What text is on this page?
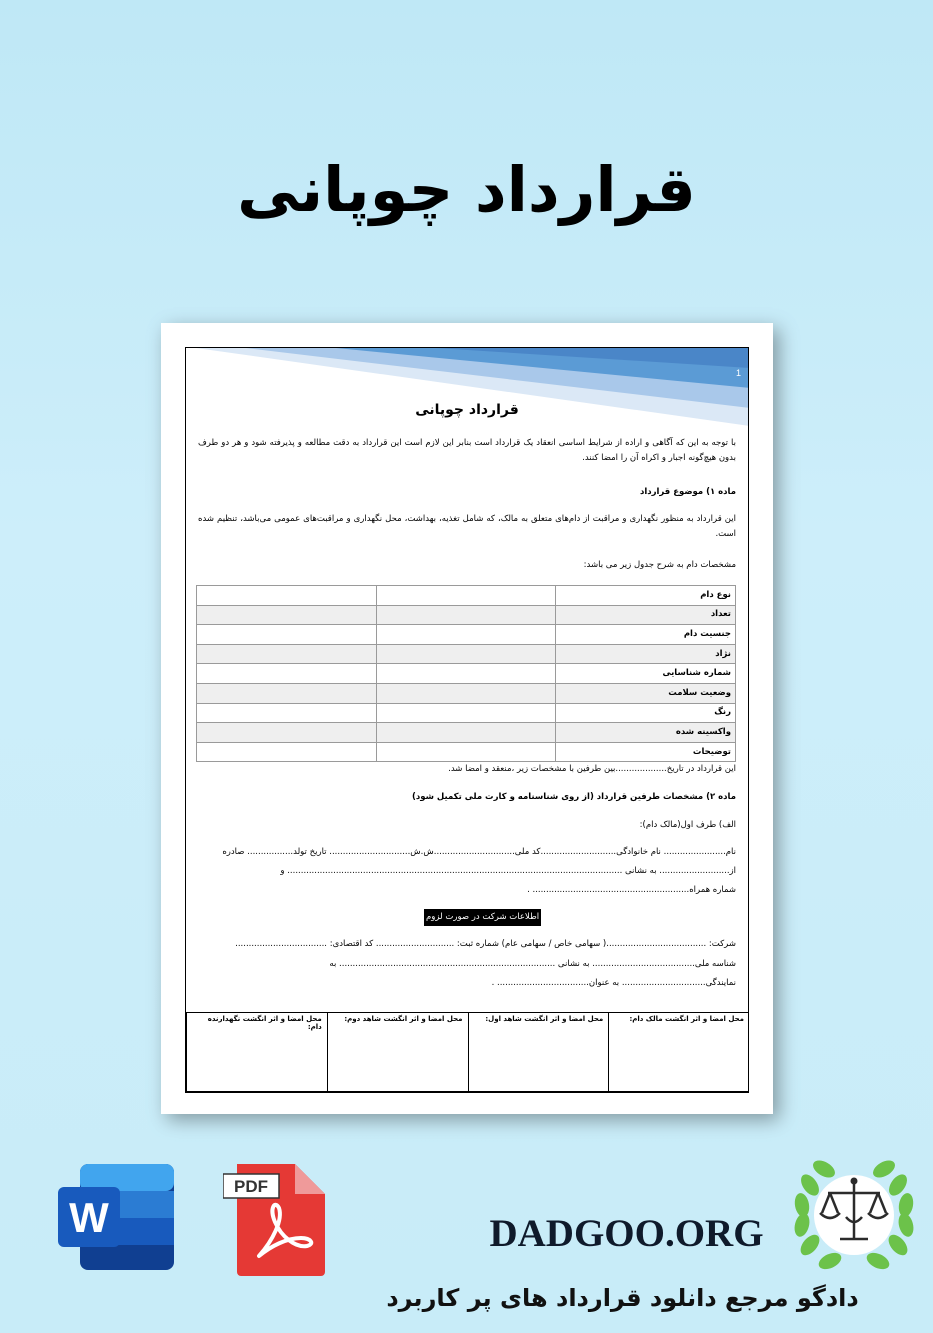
قرارداد چوپانی
1
قرارداد چوپانی
با توجه به این که آگاهی و اراده از شرایط اساسی انعقاد یک قرارداد است بنابر این لازم است این قرارداد به دقت مطالعه و پذیرفته شود و هر دو طرف بدون هیچ‌گونه اجبار و اکراه آن را امضا کنند.
ماده ۱) موضوع قرارداد
این قرارداد به منظور نگهداری و مراقبت از دام‌های متعلق به مالک، که شامل تغذیه، بهداشت، محل نگهداری و مراقبت‌های عمومی می‌باشد، تنظیم شده است.
مشخصات دام به شرح جدول زیر می باشد:
نوع دام		
تعداد		
جنسیت دام		
نژاد		
شماره شناسایی		
وضعیت سلامت		
رنگ		
واکسینه شده		
توضیحات		
این قرارداد در تاریخ...................بین طرفین با مشخصات زیر ،منعقد و امضا شد.
ماده ۲) مشخصات طرفین قرارداد (از روی شناسنامه و کارت ملی تکمیل شود)
الف) طرف اول(مالک دام):
نام....................... نام خانوادگی............................کد ملی..............................ش.ش.............................. تاریخ تولد................. صادره
از.......................... به نشانی ............................................................................................................................ و
شماره همراه.......................................................... .
اطلاعات شرکت در صورت لزوم
شرکت: .....................................( سهامی خاص / سهامی عام) شماره ثبت: ............................. کد اقتصادی: ..................................
شناسه ملی...................................... به نشانی ................................................................................ به
نمایندگی............................... به عنوان.................................. .
محل امضا و اثر انگشت مالک دام:	محل امضا و اثر انگشت شاهد اول:	محل امضا و اثر انگشت شاهد دوم:	محل امضا و اثر انگشت نگهدارنده دام:
W
PDF
DADGOO.ORG
دادگو مرجع دانلود قرارداد های پر کاربرد
